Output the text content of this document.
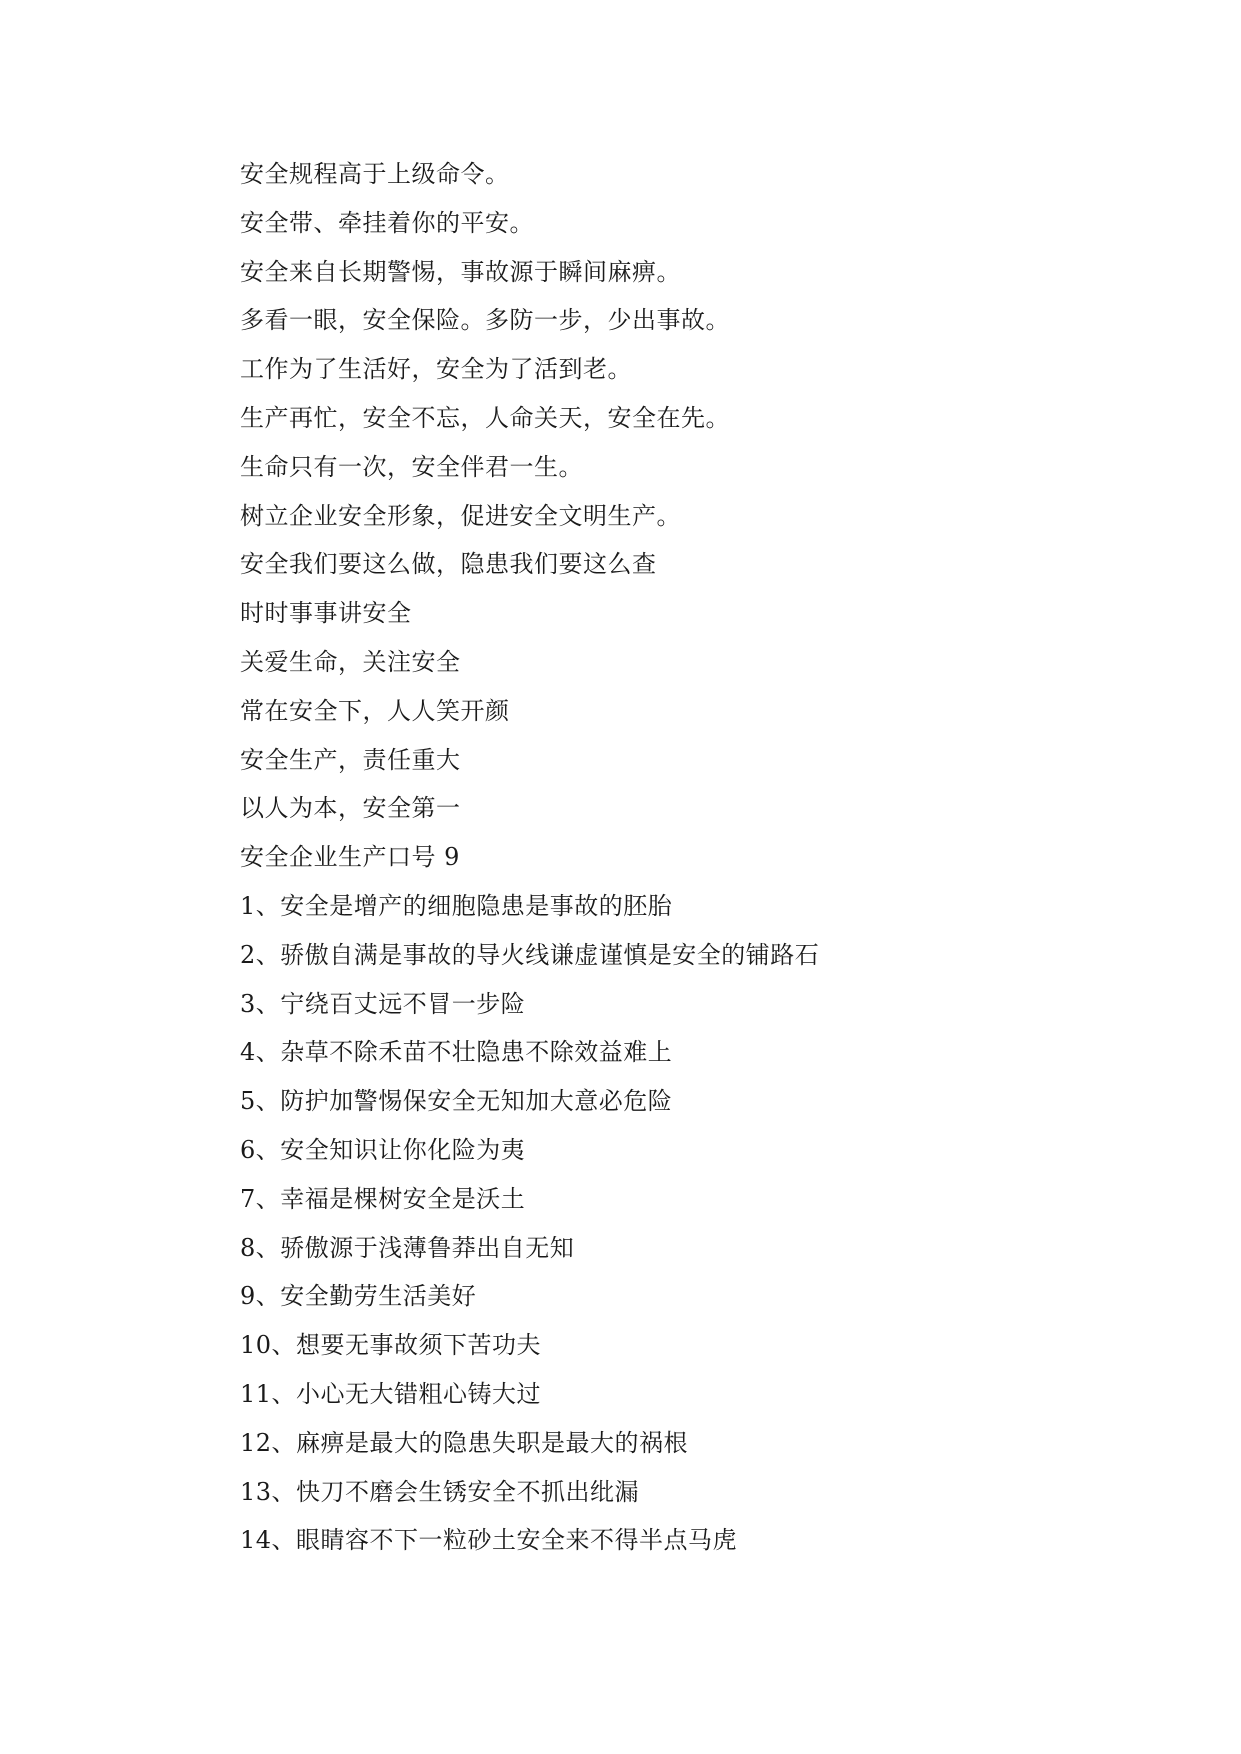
安全规程高于上级命令。
安全带、牵挂着你的平安。
安全来自长期警惕，事故源于瞬间麻痹。
多看一眼，安全保险。多防一步，少出事故。
工作为了生活好，安全为了活到老。
生产再忙，安全不忘，人命关天，安全在先。
生命只有一次，安全伴君一生。
树立企业安全形象，促进安全文明生产。
安全我们要这么做，隐患我们要这么查
时时事事讲安全
关爱生命，关注安全
常在安全下，人人笑开颜
安全生产，责任重大
以人为本，安全第一
安全企业生产口号 9
1、安全是增产的细胞隐患是事故的胚胎
2、骄傲自满是事故的导火线谦虚谨慎是安全的铺路石
3、宁绕百丈远不冒一步险
4、杂草不除禾苗不壮隐患不除效益难上
5、防护加警惕保安全无知加大意必危险
6、安全知识让你化险为夷
7、幸福是棵树安全是沃土
8、骄傲源于浅薄鲁莽出自无知
9、安全勤劳生活美好
10、想要无事故须下苦功夫
11、小心无大错粗心铸大过
12、麻痹是最大的隐患失职是最大的祸根
13、快刀不磨会生锈安全不抓出纰漏
14、眼睛容不下一粒砂土安全来不得半点马虎
